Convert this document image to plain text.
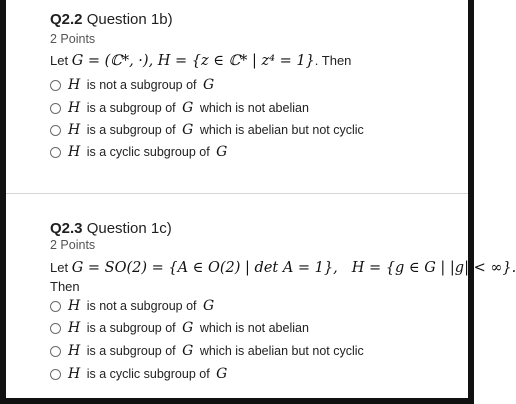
Q2.2 Question 1b)
2 Points
Let G = (ℂ*, ·), H = {z ∈ ℂ* | z⁴ = 1}. Then
H is not a subgroup of G
H is a subgroup of G which is not abelian
H is a subgroup of G which is abelian but not cyclic
H is a cyclic subgroup of G
Q2.3 Question 1c)
2 Points
Let G = SO(2) = {A ∈ O(2) | det A = 1}, H = {g ∈ G | |g| < ∞}.
Then
H is not a subgroup of G
H is a subgroup of G which is not abelian
H is a subgroup of G which is abelian but not cyclic
H is a cyclic subgroup of G
